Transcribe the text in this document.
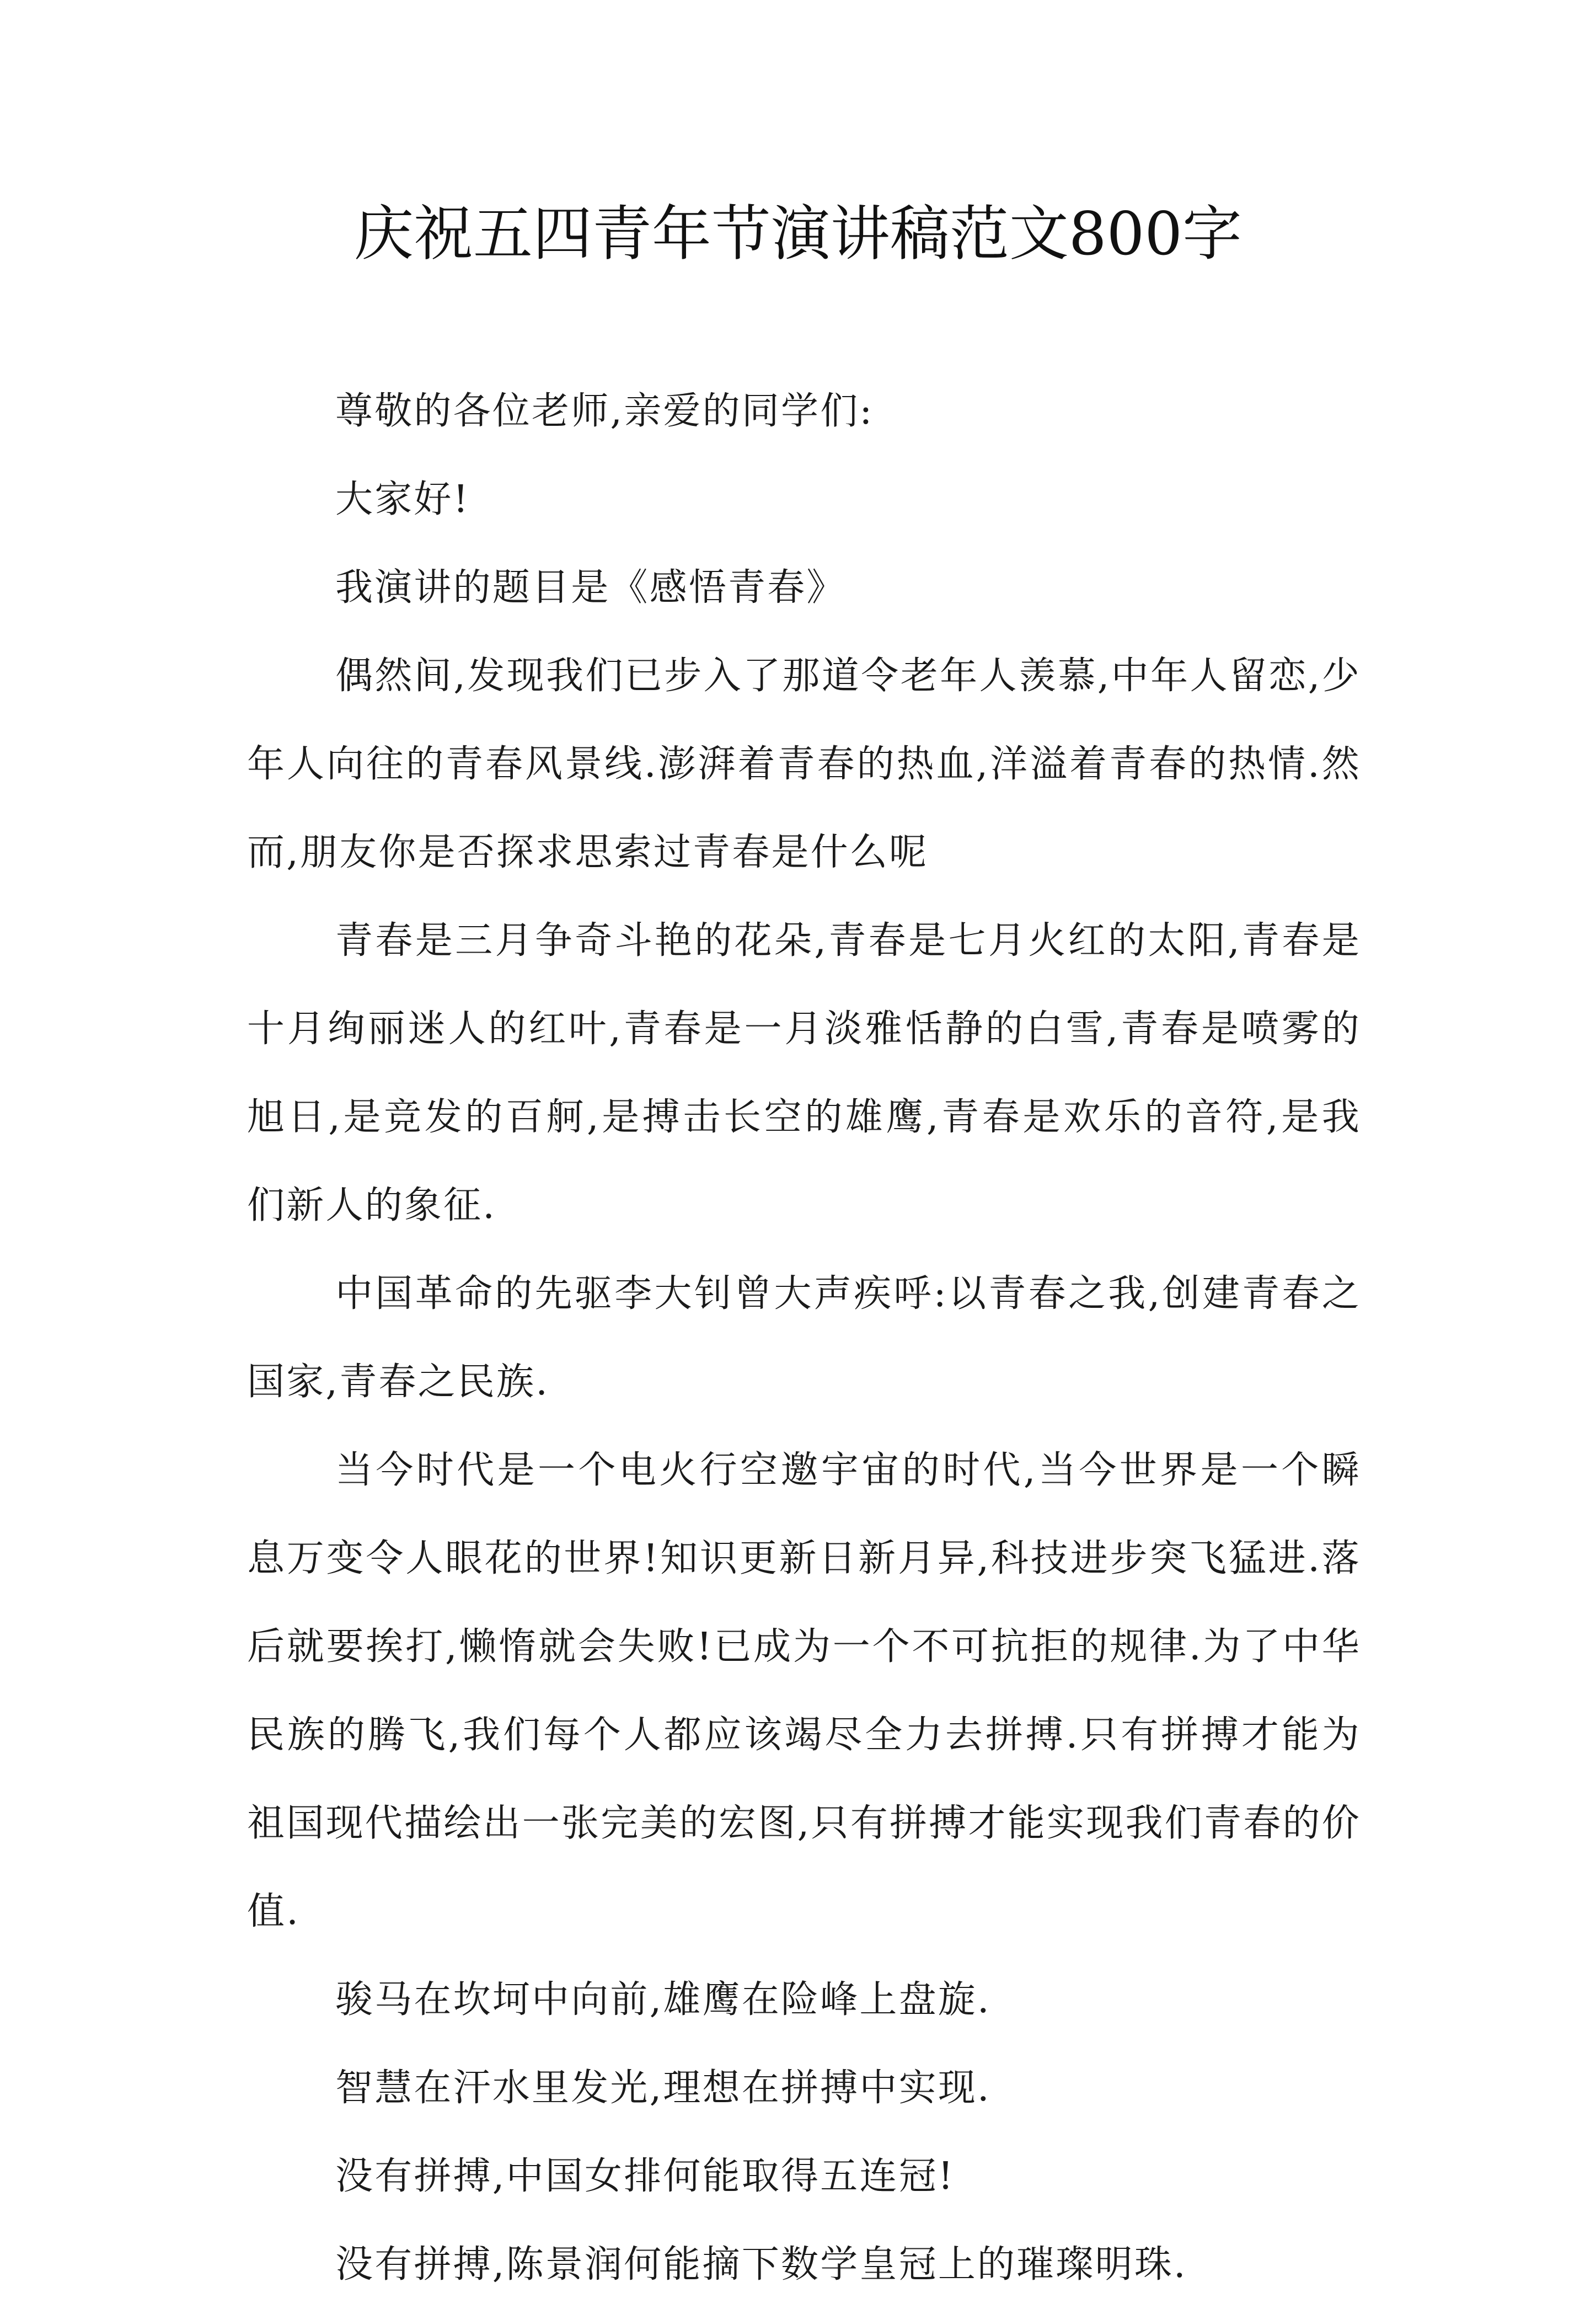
庆祝五四青年节演讲稿范文800字

尊敬的各位老师,亲爱的同学们:

大家好!

我演讲的题目是《感悟青春》

偶然间,发现我们已步入了那道令老年人羡慕,中年人留恋,少年人向往的青春风景线.澎湃着青春的热血,洋溢着青春的热情.然而,朋友你是否探求思索过青春是什么呢

青春是三月争奇斗艳的花朵,青春是七月火红的太阳,青春是十月绚丽迷人的红叶,青春是一月淡雅恬静的白雪,青春是喷雾的旭日,是竞发的百舸,是搏击长空的雄鹰,青春是欢乐的音符,是我们新人的象征.

中国革命的先驱李大钊曾大声疾呼:以青春之我,创建青春之国家,青春之民族.

当今时代是一个电火行空邀宇宙的时代,当今世界是一个瞬息万变令人眼花的世界!知识更新日新月异,科技进步突飞猛进.落后就要挨打,懒惰就会失败!已成为一个不可抗拒的规律.为了中华民族的腾飞,我们每个人都应该竭尽全力去拼搏.只有拼搏才能为祖国现代描绘出一张完美的宏图,只有拼搏才能实现我们青春的价值.

骏马在坎坷中向前,雄鹰在险峰上盘旋.

智慧在汗水里发光,理想在拼搏中实现.

没有拼搏,中国女排何能取得五连冠!

没有拼搏,陈景润何能摘下数学皇冠上的璀璨明珠.
